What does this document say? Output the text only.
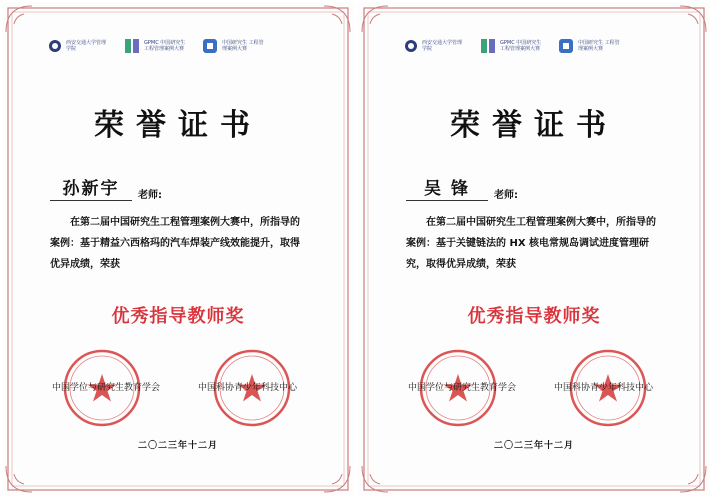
西安交通大学管理学院
GPMC 中国研究生工程管理案例大赛
中国研究生 工程管理案例大赛
荣誉证书
孙新宇	老师:
在第二届中国研究生工程管理案例大赛中，所指导的案例：基于精益六西格玛的汽车焊装产线效能提升，取得优异成绩，荣获
优秀指导教师奖
中国学位与研究生教育学会	中国科协青少年科技中心
二〇二三年十二月
西安交通大学管理学院
GPMC 中国研究生工程管理案例大赛
中国研究生 工程管理案例大赛
荣誉证书
吴 锋	老师:
在第二届中国研究生工程管理案例大赛中，所指导的案例：基于关键链法的 HX 核电常规岛调试进度管理研究，取得优异成绩，荣获
优秀指导教师奖
中国学位与研究生教育学会	中国科协青少年科技中心
二〇二三年十二月
